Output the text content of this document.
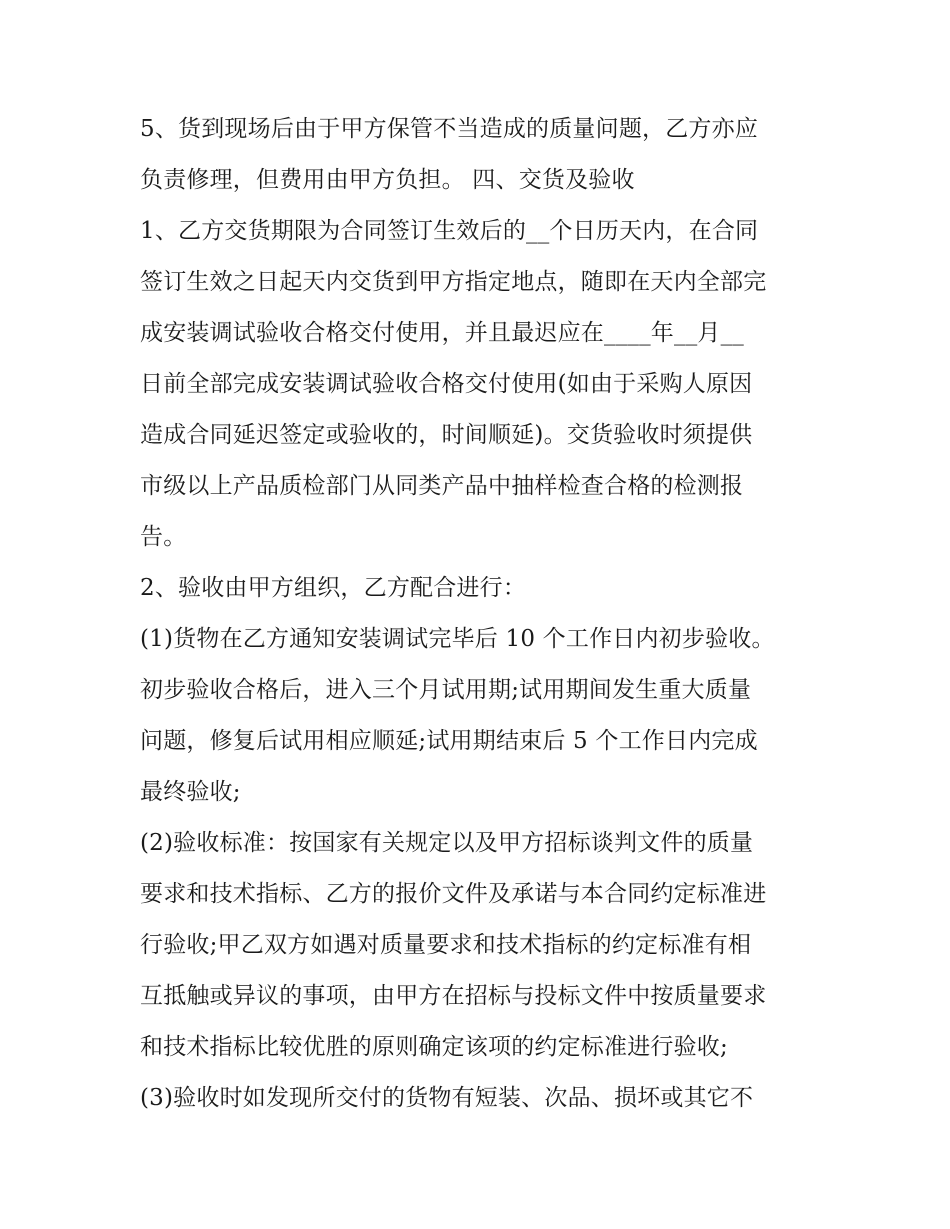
5、货到现场后由于甲方保管不当造成的质量问题，乙方亦应
负责修理，但费用由甲方负担。 四、交货及验收
1、乙方交货期限为合同签订生效后的__个日历天内，在合同
签订生效之日起天内交货到甲方指定地点，随即在天内全部完
成安装调试验收合格交付使用，并且最迟应在____年__月__
日前全部完成安装调试验收合格交付使用(如由于采购人原因
造成合同延迟签定或验收的，时间顺延)。交货验收时须提供
市级以上产品质检部门从同类产品中抽样检查合格的检测报
告。
2、验收由甲方组织，乙方配合进行：
(1)货物在乙方通知安装调试完毕后 10 个工作日内初步验收。
初步验收合格后，进入三个月试用期;试用期间发生重大质量
问题，修复后试用相应顺延;试用期结束后 5 个工作日内完成
最终验收;
(2)验收标准：按国家有关规定以及甲方招标谈判文件的质量
要求和技术指标、乙方的报价文件及承诺与本合同约定标准进
行验收;甲乙双方如遇对质量要求和技术指标的约定标准有相
互抵触或异议的事项，由甲方在招标与投标文件中按质量要求
和技术指标比较优胜的原则确定该项的约定标准进行验收;
(3)验收时如发现所交付的货物有短装、次品、损坏或其它不
